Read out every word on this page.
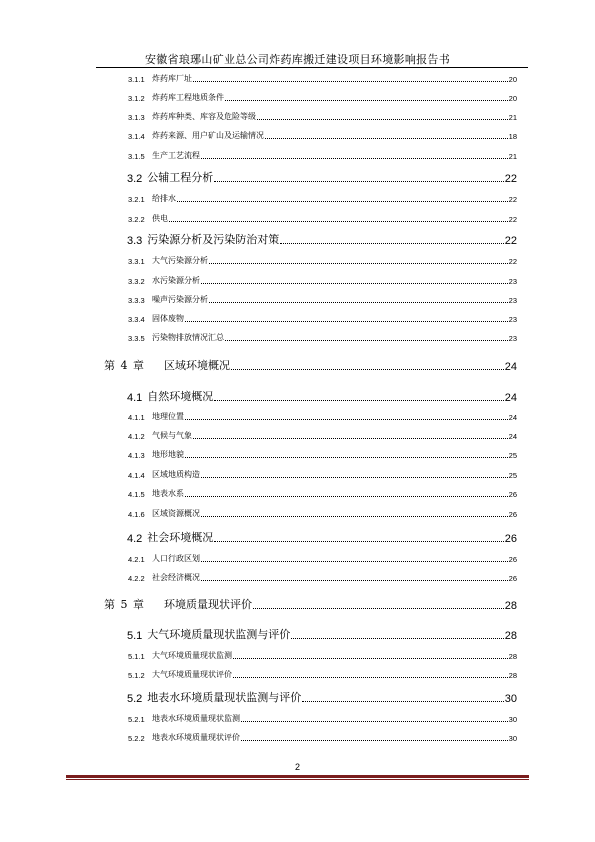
安徽省琅琊山矿业总公司炸药库搬迁建设项目环境影响报告书
3.1.1 炸药库厂址	20
3.1.2 炸药库工程地质条件	20
3.1.3 炸药库种类、库容及危险等级	21
3.1.4 炸药来源、用户矿山及运输情况	18
3.1.5 生产工艺流程	21
3.2 公辅工程分析	22
3.2.1 给排水	22
3.2.2 供电	22
3.3 污染源分析及污染防治对策	22
3.3.1 大气污染源分析	22
3.3.2 水污染源分析	23
3.3.3 噪声污染源分析	23
3.3.4 固体废物	23
3.3.5 污染物排放情况汇总	23
第 4 章	区域环境概况	24
4.1 自然环境概况	24
4.1.1 地理位置	24
4.1.2 气候与气象	24
4.1.3 地形地貌	25
4.1.4 区域地质构造	25
4.1.5 地表水系	26
4.1.6 区域资源概况	26
4.2 社会环境概况	26
4.2.1 人口行政区划	26
4.2.2 社会经济概况	26
第 5 章	环境质量现状评价	28
5.1 大气环境质量现状监测与评价	28
5.1.1 大气环境质量现状监测	28
5.1.2 大气环境质量现状评价	28
5.2 地表水环境质量现状监测与评价	30
5.2.1 地表水环境质量现状监测	30
5.2.2 地表水环境质量现状评价	30
2
